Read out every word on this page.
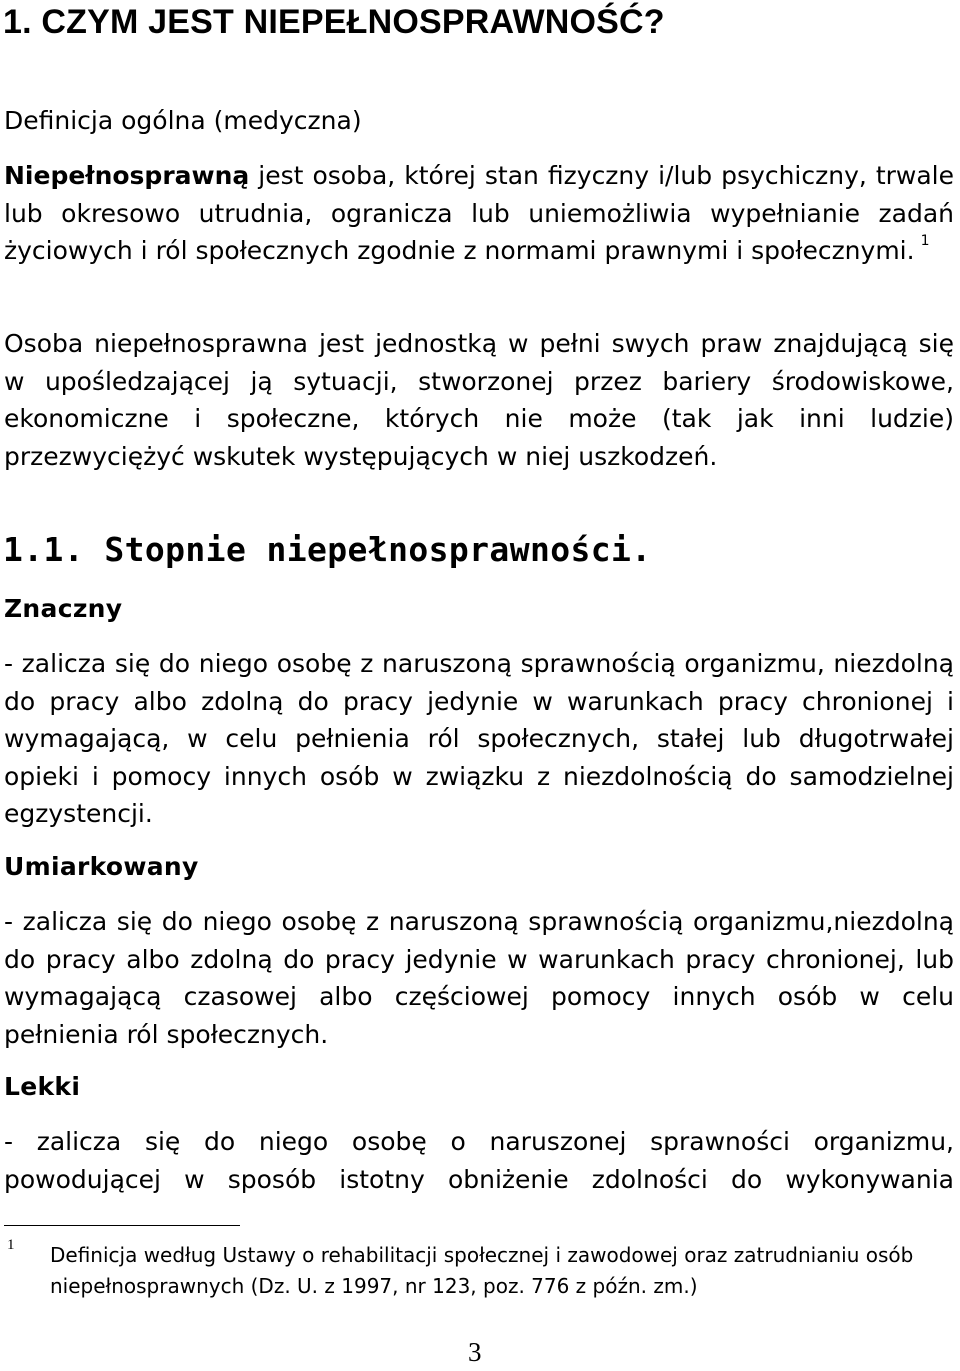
1. CZYM JEST NIEPEŁNOSPRAWNOŚĆ?
Definicja ogólna (medyczna)

Niepełnosprawną jest osoba, której stan fizyczny i/lub psychiczny, trwale lub okresowo utrudnia, ogranicza lub uniemożliwia wypełnianie zadań życiowych i ról społecznych zgodnie z normami prawnymi i społecznymi. $^1$

Osoba niepełnosprawna jest jednostką w pełni swych praw znajdującą się w upośledzającej ją sytuacji, stworzonej przez bariery środowiskowe, ekonomiczne i społeczne, których nie może (tak jak inni ludzie) przezwyciężyć wskutek występujących w niej uszkodzeń.

1.1. Stopnie niepełnosprawności.
Znaczny

- zalicza się do niego osobę z naruszoną sprawnością organizmu, niezdolną do pracy albo zdolną do pracy jedynie w warunkach pracy chronionej i wymagającą, w celu pełnienia ról społecznych, stałej lub długotrwałej opieki i pomocy innych osób w związku z niezdolnością do samodzielnej egzystencji.

Umiarkowany

- zalicza się do niego osobę z naruszoną sprawnością organizmu,niezdolną do pracy albo zdolną do pracy jedynie w warunkach pracy chronionej, lub wymagającą czasowej albo częściowej pomocy innych osób w celu pełnienia ról społecznych.

Lekki

- zalicza się do niego osobę o naruszonej sprawności organizmu, powodującej w sposób istotny obniżenie zdolności do wykonywania

1 Definicja według Ustawy o rehabilitacji społecznej i zawodowej oraz zatrudnianiu osób niepełnosprawnych (Dz. U. z 1997, nr 123, poz. 776 z późn. zm.)

3
